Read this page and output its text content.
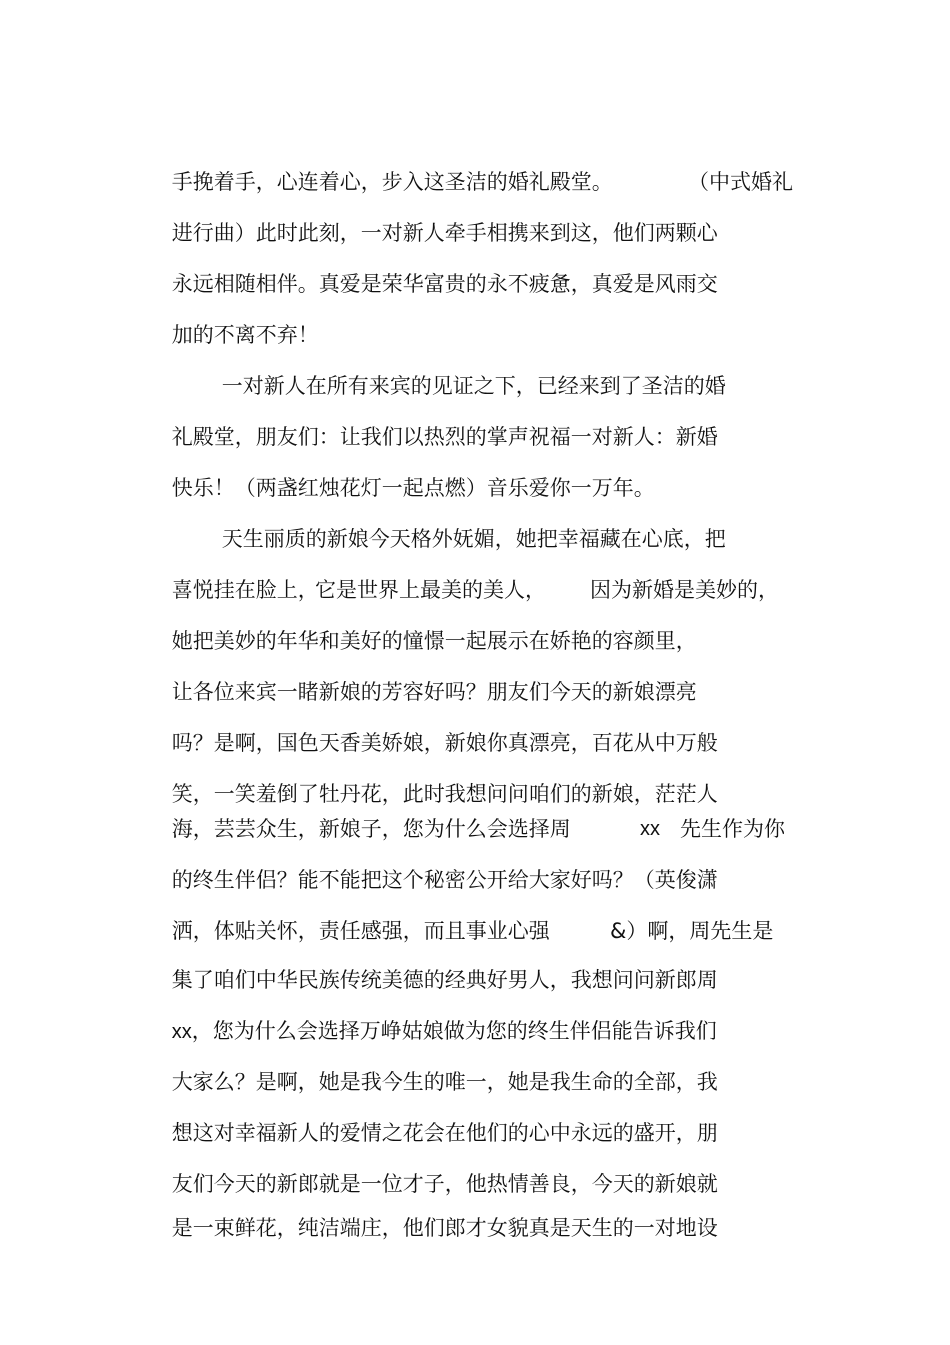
手挽着手，心连着心，步入这圣洁的婚礼殿堂。	（中式婚礼

进行曲）此时此刻，一对新人牵手相携来到这，他们两颗心

永远相随相伴。真爱是荣华富贵的永不疲惫，真爱是风雨交

加的不离不弃！

一对新人在所有来宾的见证之下，已经来到了圣洁的婚

礼殿堂，朋友们：让我们以热烈的掌声祝福一对新人：新婚

快乐！（两盏红烛花灯一起点燃）音乐爱你一万年。

天生丽质的新娘今天格外妩媚，她把幸福藏在心底，把

喜悦挂在脸上，
它是世界上最美的美人， 因为新婚是美妙的，

她把美妙的年华和美好的憧憬一起展示在娇艳的容颜里，

让各位来宾一睹新娘的芳容好吗？朋友们今天的新娘漂亮

吗？是啊，国色天香美娇娘，新娘你真漂亮，百花从中万般

笑，一笑羞倒了牡丹花，此时我想问问咱们的新娘，茫茫人

海，芸芸众生，新娘子，您为什么会选择周	xx 先生作为你

的终生伴侣？能不能把这个秘密公开给大家好吗？（英俊潇

洒，体贴关怀，责任感强，而且事业心强	&）啊，周先生是

集了咱们中华民族传统美德的经典好男人，我想问问新郎周

xx，您为什么会选择万峥姑娘做为您的终生伴侣能告诉我们

大家么？是啊，她是我今生的唯一，她是我生命的全部，我

想这对幸福新人的爱情之花会在他们的心中永远的盛开，朋

友们今天的新郎就是一位才子，他热情善良，今天的新娘就

是一束鲜花，纯洁端庄，他们郎才女貌真是天生的一对地设
